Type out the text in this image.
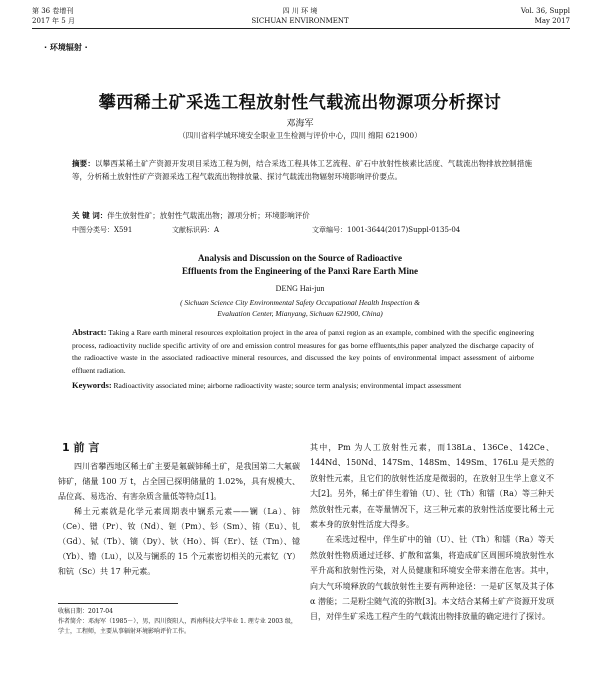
第 36 卷增刊
2017 年 5 月
四 川 环 境
SICHUAN ENVIRONMENT
Vol. 36, Suppl
May 2017
· 环境辐射 ·
攀西稀土矿采选工程放射性气载流出物源项分析探讨
邓海军
（四川省科学城环境安全职业卫生检测与评价中心，四川 绵阳 621900）
摘要：以攀西某稀土矿产资源开发项目采选工程为例，结合采选工程具体工艺流程、矿石中放射性核素比活度、气载流出物排放控制措施等，分析稀土放射性矿产资源采选工程气载流出物排放量、探讨气载流出物辐射环境影响评价要点。
关 键 词：伴生放射性矿；放射性气载流出物；源项分析；环境影响评价
中图分类号：X591	文献标识码：A	文章编号：1001-3644(2017)Suppl-0135-04
Analysis and Discussion on the Source of Radioactive
Effluents from the Engineering of the Panxi Rare Earth Mine
DENG Hai-jun
( Sichuan Science City Environmental Safety Occupational Health Inspection &
Evaluation Center, Mianyang, Sichuan 621900, China)
Abstract: Taking a Rare earth mineral resources exploitation project in the area of panxi region as an example, combined with the specific engineering process, radioactivity nuclide specific artivity of ore and emission control measures for gas borne effluents,this paper analyzed the discharge capacity of the radioactive waste in the associated radioactive mineral resources, and discussed the key points of environmental impact assessment of airborne effluent radiation.
Keywords: Radioactivity associated mine; airborne radioactivity waste; source term analysis; environmental impact assessment
1 前 言

四川省攀西地区稀土矿主要是氟碳铈稀土矿，是我国第二大氟碳铈矿，储量 100 万 t，占全国已探明储量的 1.02%，具有规模大、品位高、易选冶、有害杂质含量低等特点[1]。

稀土元素就是化学元素周期表中镧系元素——镧（La）、铈（Ce）、镨（Pr）、钕（Nd）、钷（Pm）、钐（Sm）、铕（Eu）、钆（Gd）、铽（Tb）、镝（Dy）、钬（Ho）、铒（Er）、铥（Tm）、镱（Yb）、镥（Lu），以及与镧系的 15 个元素密切相关的元素钇（Y）和钪（Sc）共 17 种元素。

其中，Pm 为人工放射性元素，而138La、136Ce、142Ce、144Nd、150Nd、147Sm、148Sm、149Sm、176Lu 是天然的放射性元素，且它们的放射性活度是微弱的，在放射卫生学上意义不大[2]。另外，稀土矿伴生着铀（U）、钍（Th）和镭（Ra）等三种天然放射性元素，在等量情况下，这三种元素的放射性活度要比稀土元素本身的放射性活度大得多。

在采选过程中，伴生矿中的铀（U）、钍（Th）和镭（Ra）等天然放射性物质通过迁移、扩散和富集，将造成矿区周围环境放射性水平升高和放射性污染，对人员健康和环境安全带来潜在危害。其中，向大气环境释放的气载放射性主要有两种途径：一是矿区氡及其子体 α 潜能；二是粉尘随气流的弥散[3]。本文结合某稀土矿产资源开发项目，对伴生矿采选工程产生的气载流出物排放量的确定进行了探讨。

收稿日期：2017-04
作者简介：邓海军（1985－），男，四川资阳人，西南科技大学毕业 1. 理专业 2003 级，学士，工程师，主要从事辐射环境影响评价工作。
